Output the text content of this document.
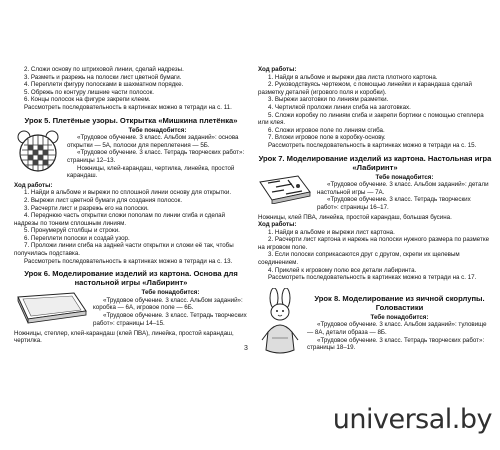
2. Сложи основу по штриховой линии, сделай надрезы.

3. Разметь и разрежь на полоски лист цветной бумаги.

4. Переплети фигуру полосками в шахматном порядке.

5. Обрежь по контуру лишние части полосок.

6. Концы полосок на фигуре закрепи клеем.

Рассмотреть последовательность в картинках можно в тетради на с. 11.

Урок 5. Плетёные узоры. Открытка «Мишкина плетёнка»

Тебе понадобится:

«Трудовое обучение. 3 класс. Альбом заданий»: основа открытки — 5А, полоски для переплетения — 5Б.

«Трудовое обучение. 3 класс. Тетрадь творческих работ»: страницы 12–13.

Ножницы, клей-карандаш, чертилка, линейка, простой карандаш.

Ход работы:

1. Найди в альбоме и вырежи по сплошной линии основу для открытки.

2. Вырежи лист цветной бумаги для создания полосок.

3. Расчерти лист и разрежь его на полоски.

4. Переднюю часть открытки сложи пополам по линии сгиба и сделай надрезы по тонким сплошным линиям.

5. Пронумеруй столбцы и строки.

6. Переплети полоски и создай узор.

7. Проложи линии сгиба на задней части открытки и сложи её так, чтобы получилась подставка.

Рассмотреть последовательность в картинках можно в тетради на с. 13.

Урок 6. Моделирование изделий из картона. Основа для настольной игры «Лабиринт»

Тебе понадобится:

«Трудовое обучение. 3 класс. Альбом заданий»: коробка — 6А, игровое поле — 6Б.

«Трудовое обучение. 3 класс. Тетрадь творческих работ»: страницы 14–15.

Ножницы, степлер, клей-карандаш (клей ПВА), линейка, простой карандаш, чертилка.

Ход работы:

1. Найди в альбоме и вырежи два листа плотного картона.

2. Руководствуясь чертежом, с помощью линейки и карандаша сделай разметку деталей (игрового поля и коробки).

3. Вырежи заготовки по линиям разметки.

4. Чертилкой проложи линии сгиба на заготовках.

5. Сложи коробку по линиям сгиба и закрепи бортики с помощью степлера или клея.

6. Сложи игровое поле по линиям сгиба.

7. Вложи игровое поле в коробку-основу.

Рассмотреть последовательность в картинках можно в тетради на с. 15.

Урок 7. Моделирование изделий из картона. Настольная игра «Лабиринт»

Тебе понадобится:

«Трудовое обучение. 3 класс. Альбом заданий»: детали настольной игры — 7А.

«Трудовое обучение. 3 класс. Тетрадь творческих работ»: страницы 16–17.

Ножницы, клей ПВА, линейка, простой карандаш, большая бусина.

Ход работы:

1. Найди в альбоме и вырежи лист картона.

2. Расчерти лист картона и нарежь на полоски нужного размера по разметке на игровом поле.

3. Если полоски соприкасаются друг с другом, скрепи их щелевым соединением.

4. Приклей к игровому полю все детали лабиринта.

Рассмотреть последовательность в картинках можно в тетради на с. 17.

Урок 8. Моделирование из яичной скорлупы. Головастики

Тебе понадобится:

«Трудовое обучение. 3 класс. Альбом заданий»: туловище — 8А, детали образа — 8Б.

«Трудовое обучение. 3 класс. Тетрадь творческих работ»: страницы 18–19.

3
universal.by
